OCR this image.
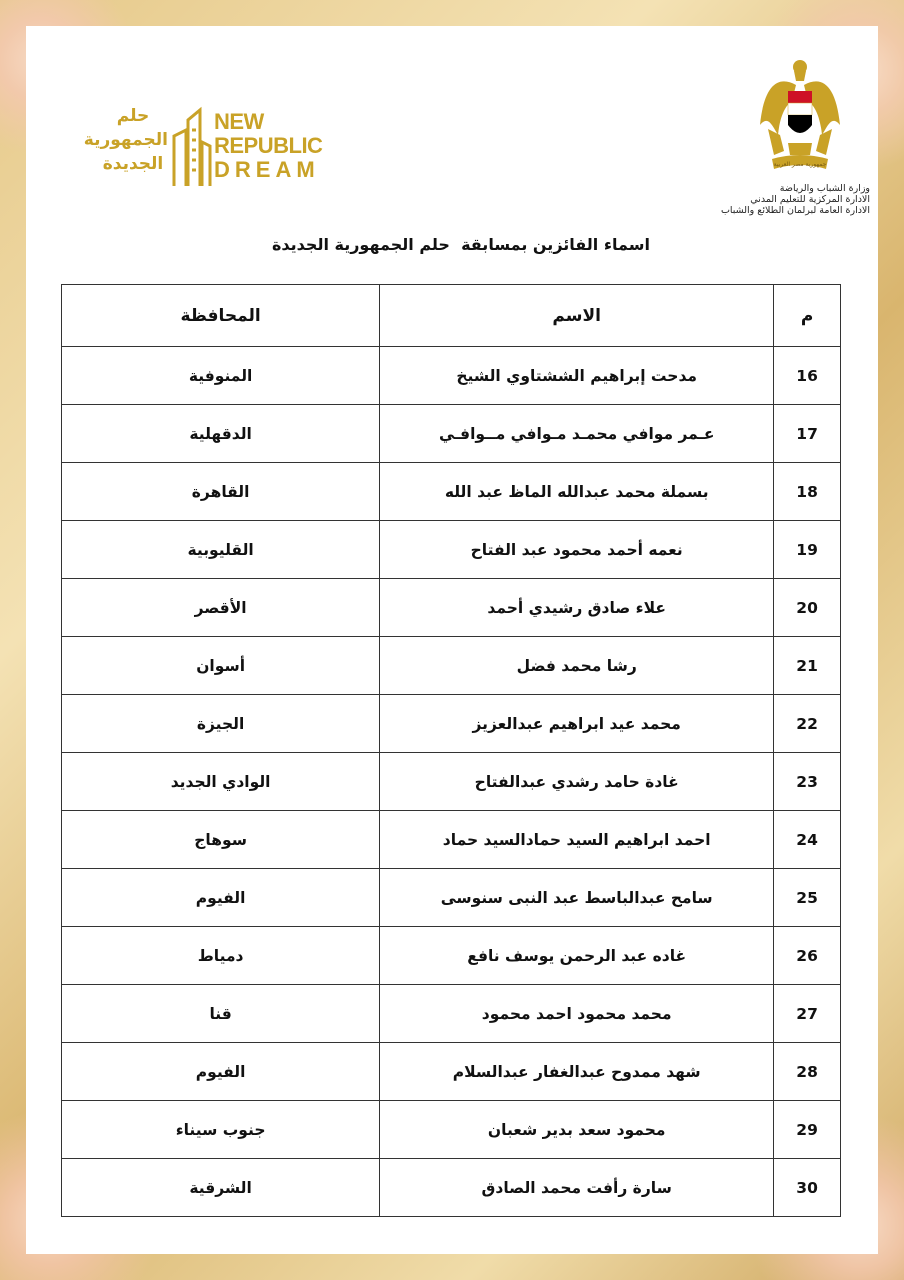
جمهورية مصر العربية
وزارة الشباب والرياضة
الادارة المركزية للتعليم المدني
الادارة العامة لبرلمان الطلائع والشباب
حلم
الجمهورية
الجديدة
NEW
REPUBLIC
DREAM
اسماء الفائزين بمسابقة  حلم الجمهورية الجديدة
م	الاسم	المحافظة
16	مدحت إبراهيم الششتاوي الشيخ	المنوفية
17	عـمر موافي محمـد مـوافي مــوافـي	الدقهلية
18	بسملة محمد عبدالله الماظ عبد الله	القاهرة
19	نعمه أحمد محمود عبد الفتاح	القليوبية
20	علاء صادق رشيدي أحمد	الأقصر
21	رشا محمد فضل	أسوان
22	محمد عيد ابراهيم عبدالعزيز	الجيزة
23	غادة حامد رشدي عبدالفتاح	الوادي الجديد
24	احمد ابراهيم السيد حمادالسيد حماد	سوهاج
25	سامح عبدالباسط عبد النبى سنوسى	الفيوم
26	غاده عبد الرحمن يوسف نافع	دمياط
27	محمد محمود احمد محمود	قنا
28	شهد ممدوح عبدالغفار عبدالسلام	الفيوم
29	محمود سعد بدير شعبان	جنوب سيناء
30	سارة رأفت محمد الصادق	الشرقية
